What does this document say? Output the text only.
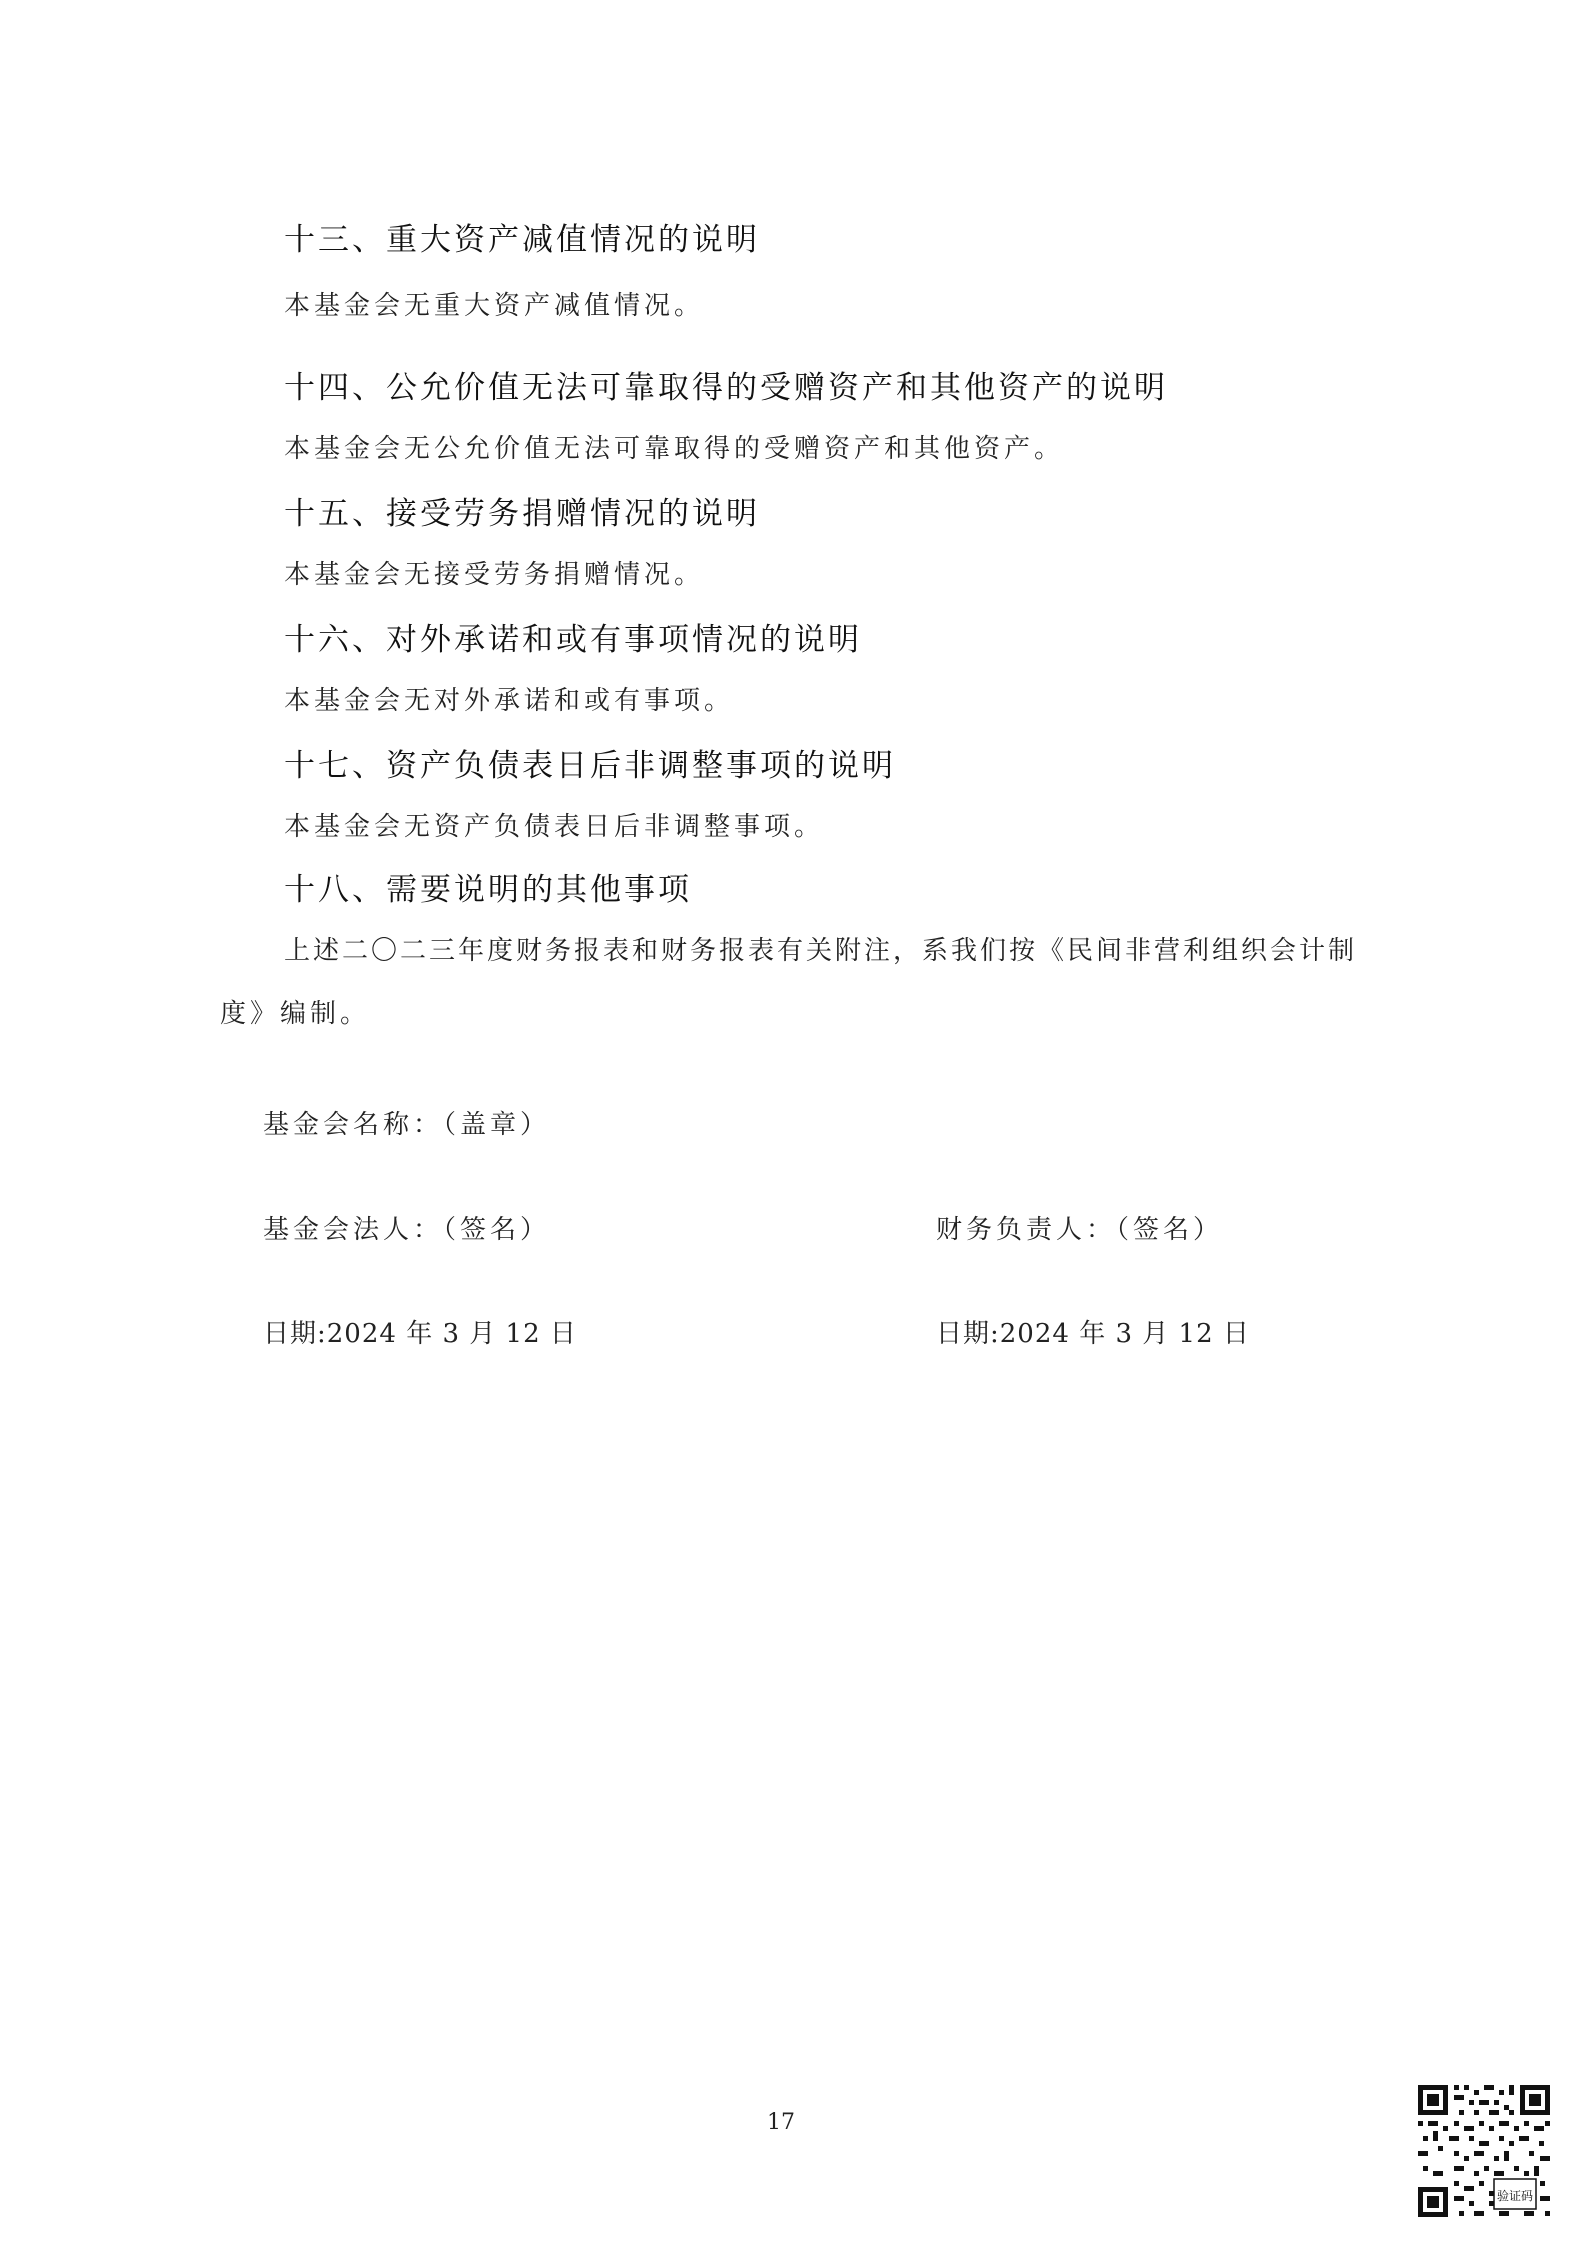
十三、重大资产减值情况的说明
本基金会无重大资产减值情况。
十四、公允价值无法可靠取得的受赠资产和其他资产的说明
本基金会无公允价值无法可靠取得的受赠资产和其他资产。
十五、接受劳务捐赠情况的说明
本基金会无接受劳务捐赠情况。
十六、对外承诺和或有事项情况的说明
本基金会无对外承诺和或有事项。
十七、资产负债表日后非调整事项的说明
本基金会无资产负债表日后非调整事项。
十八、需要说明的其他事项
上述二〇二三年度财务报表和财务报表有关附注，系我们按《民间非营利组织会计制
度》编制。
基金会名称：（盖章）
基金会法人：（签名）	财务负责人：（签名）
日期:2024 年 3 月 12 日	日期:2024 年 3 月 12 日
17
验证码
